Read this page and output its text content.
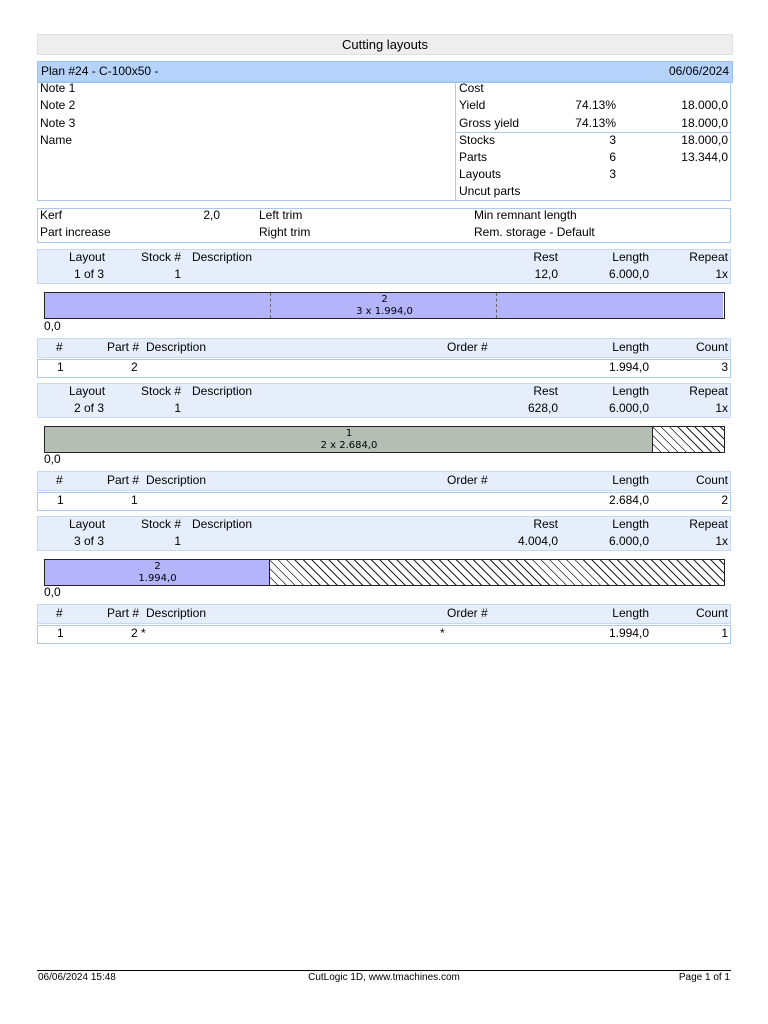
Cutting layouts
Plan #24 - C-100x50 -	06/06/2024
Note 1
Note 2
Note 3
Name
Cost
Yield	74.13%	18.000,0
Gross yield	74.13%	18.000,0
Stocks	3	18.000,0
Parts	6	13.344,0
Layouts	3
Uncut parts
Kerf	2,0
Part increase
Left trim
Right trim
Min remnant length
Rem. storage - Default
Layout	Stock # Description	Rest	Length	Repeat
1 of 3	1	12,0	6.000,0	1x
2
3 x 1.994,0
0,0
#	Part # Description	Order #	Length	Count
1	2	1.994,0	3
Layout	Stock # Description	Rest	Length	Repeat
2 of 3	1	628,0	6.000,0	1x
1
2 x 2.684,0
0,0
#	Part # Description	Order #	Length	Count
1	1	2.684,0	2
Layout	Stock # Description	Rest	Length	Repeat
3 of 3	1	4.004,0	6.000,0	1x
2
1.994,0
0,0
#	Part # Description	Order #	Length	Count
1	2 *	*	1.994,0	1
06/06/2024 15:48	CutLogic 1D, www.tmachines.com	Page 1 of 1
